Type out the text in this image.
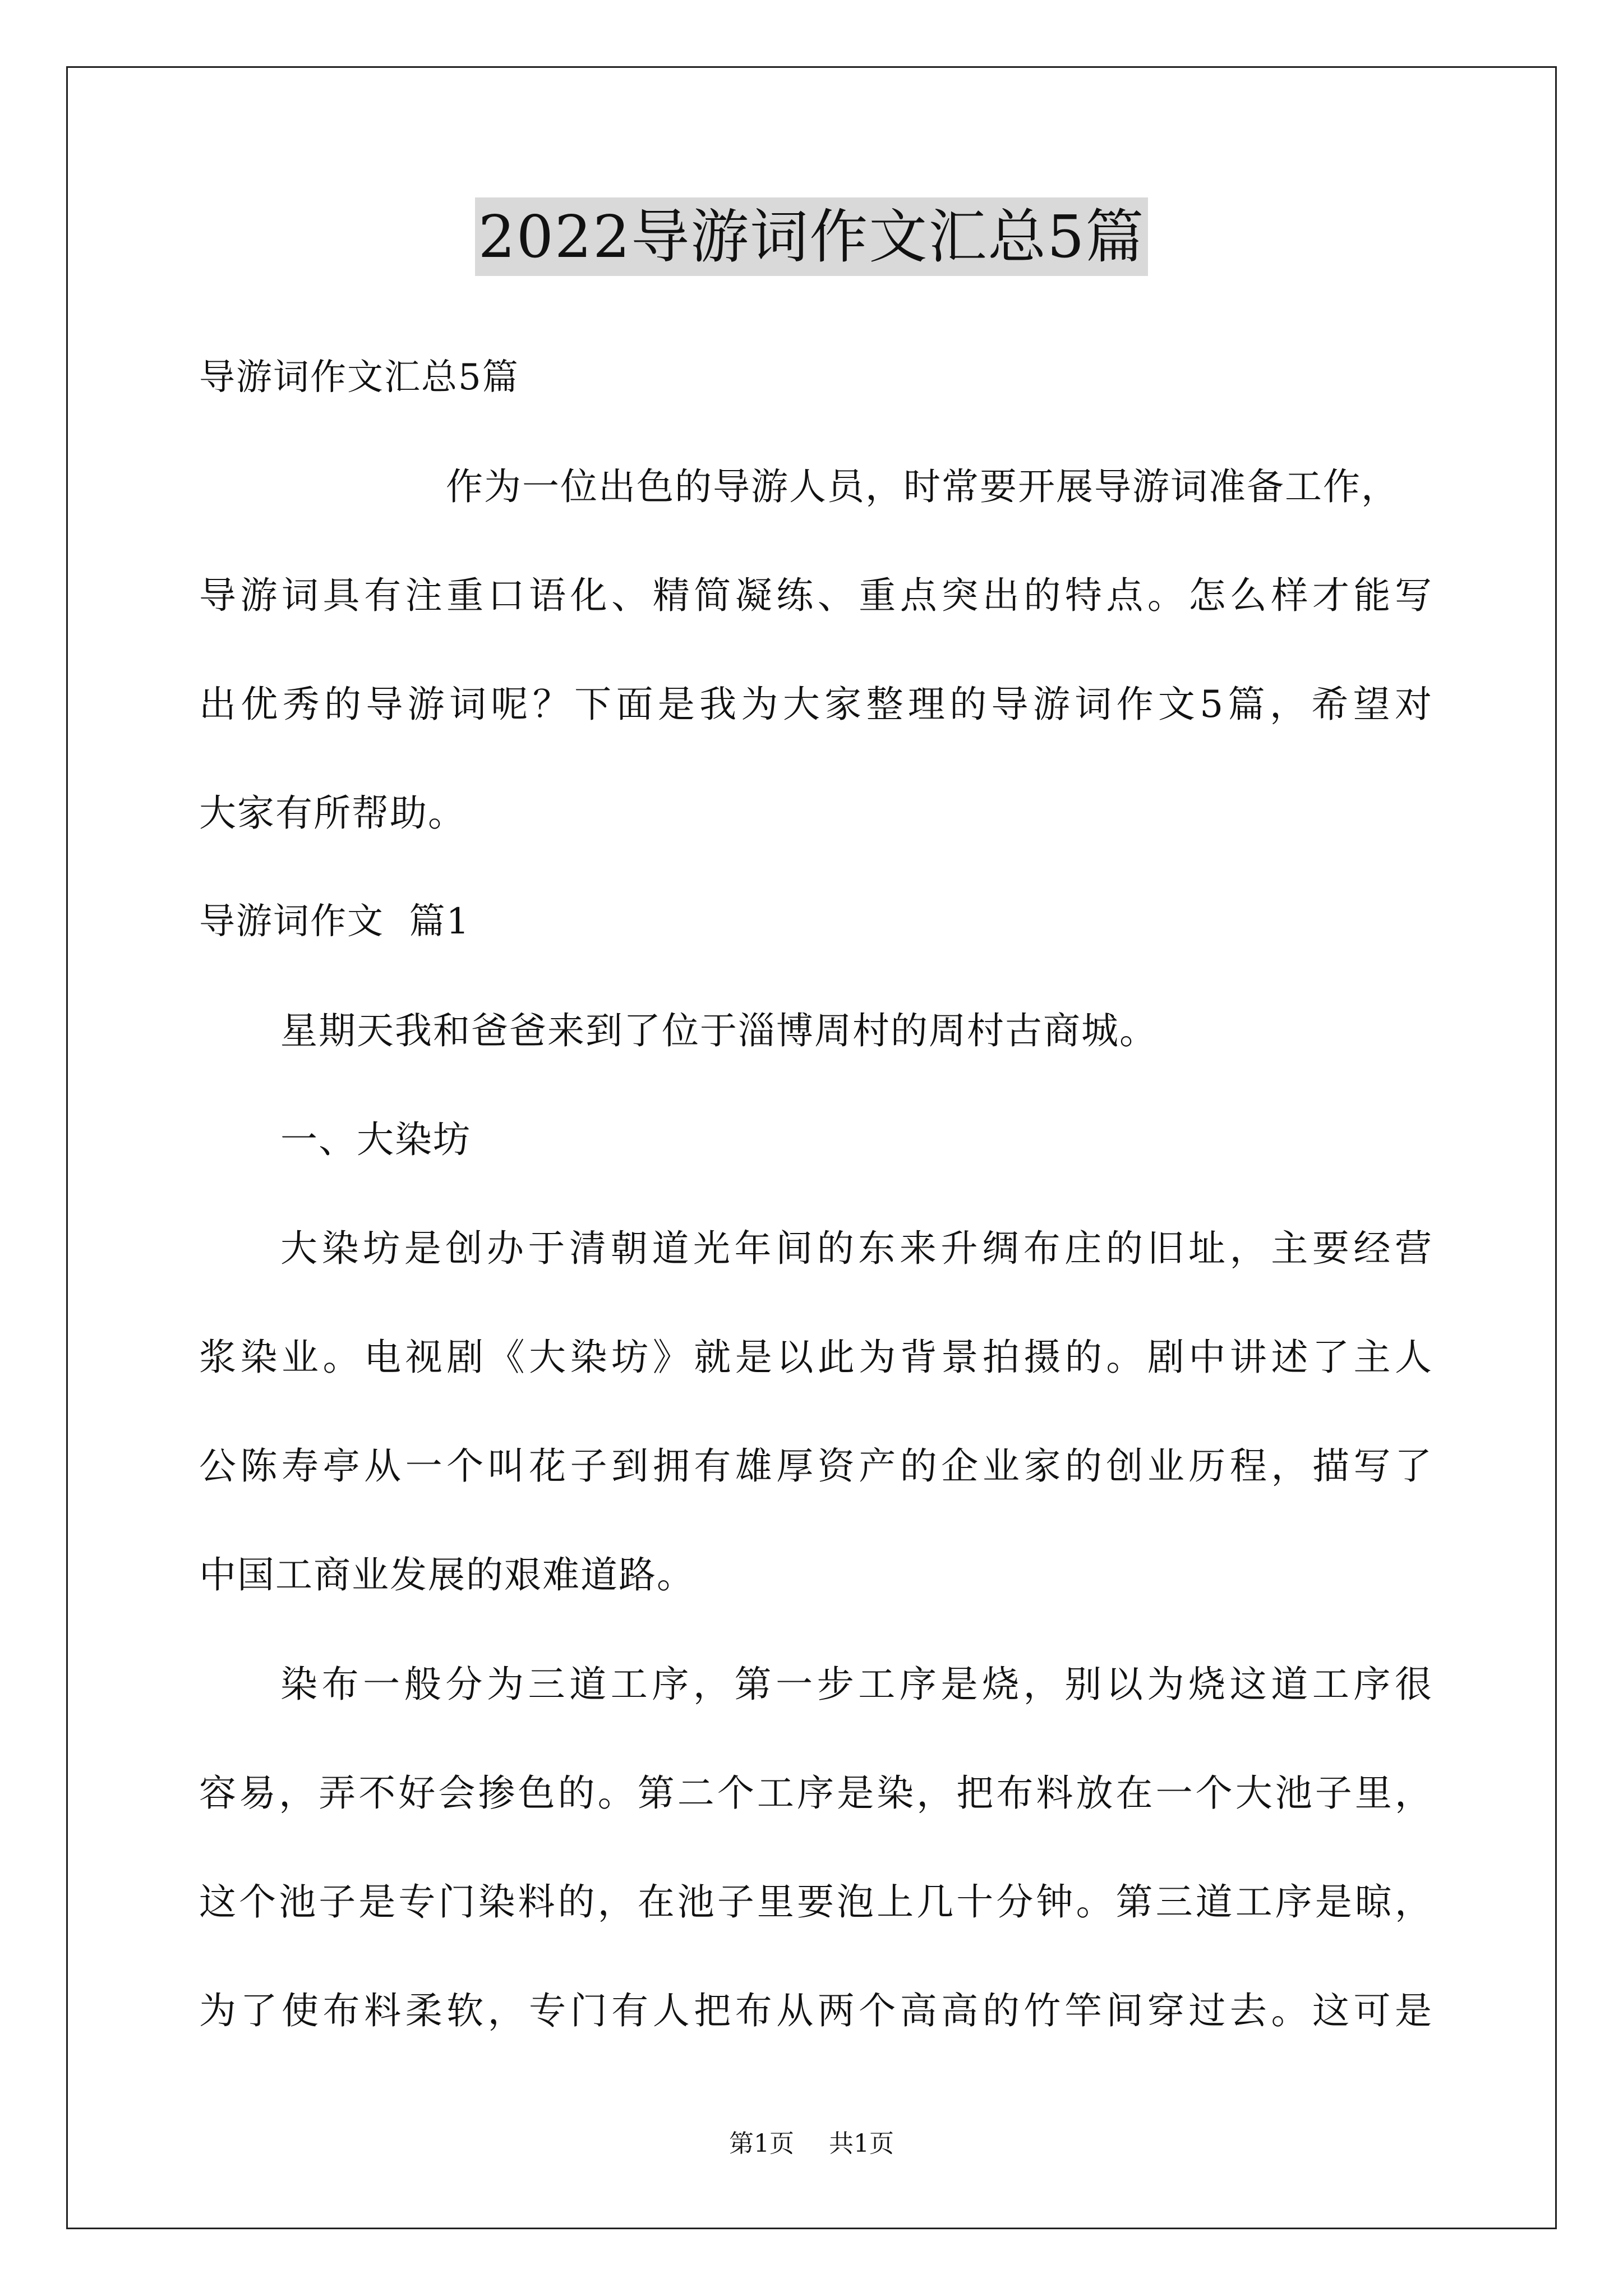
2022导游词作文汇总5篇
导游词作文汇总5篇
作为一位出色的导游人员，时常要开展导游词准备工作，
导游词具有注重口语化、精简凝练、重点突出的特点。怎么样才能写
出优秀的导游词呢？下面是我为大家整理的导游词作文5篇，希望对
大家有所帮助。
导游词作文  篇1
星期天我和爸爸来到了位于淄博周村的周村古商城。
一、大染坊
大染坊是创办于清朝道光年间的东来升绸布庄的旧址，主要经营
浆染业。电视剧《大染坊》就是以此为背景拍摄的。剧中讲述了主人
公陈寿亭从一个叫花子到拥有雄厚资产的企业家的创业历程，描写了
中国工商业发展的艰难道路。
染布一般分为三道工序，第一步工序是烧，别以为烧这道工序很
容易，弄不好会掺色的。第二个工序是染，把布料放在一个大池子里，
这个池子是专门染料的，在池子里要泡上几十分钟。第三道工序是晾，
为了使布料柔软，专门有人把布从两个高高的竹竿间穿过去。这可是
第1页 共1页
